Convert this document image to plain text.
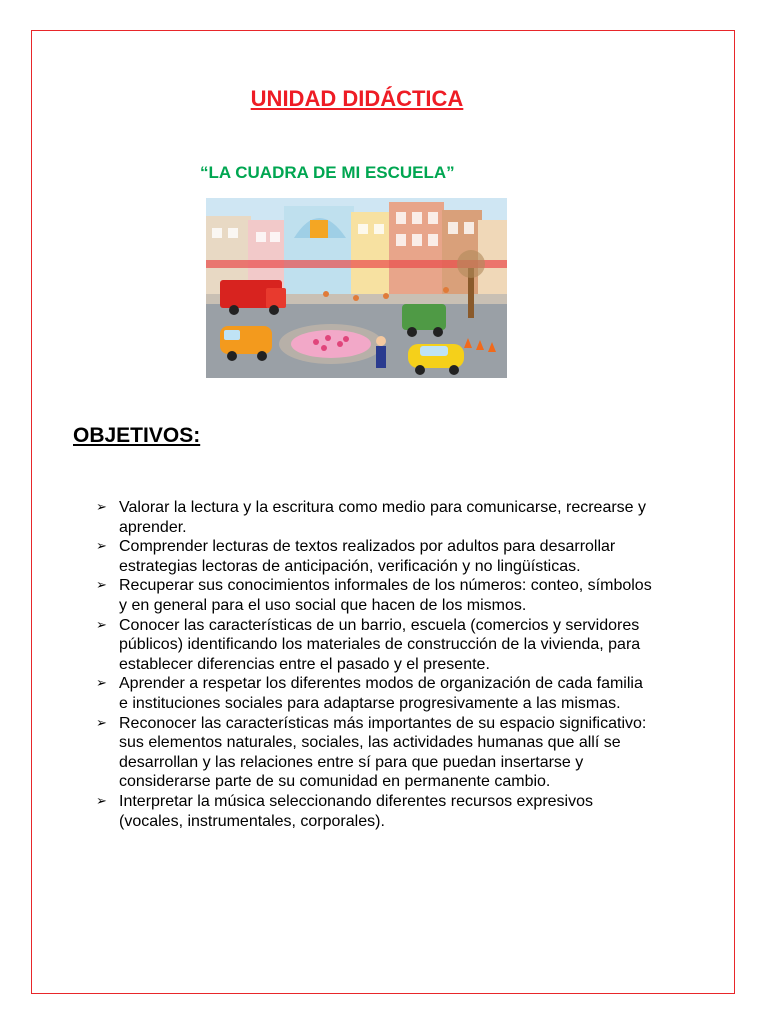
UNIDAD DIDÁCTICA
“LA CUADRA DE MI ESCUELA”
OBJETIVOS:
➢ Valorar la lectura y la escritura como medio para comunicarse, recrearse y aprender.
➢ Comprender lecturas de textos realizados por adultos para desarrollar estrategias lectoras de anticipación, verificación y no lingüísticas.
➢ Recuperar sus conocimientos informales de los números: conteo, símbolos y en general para el uso social que hacen de los mismos.
➢ Conocer las características de un barrio, escuela (comercios y servidores públicos) identificando los materiales de construcción de la vivienda, para establecer diferencias entre el pasado y el presente.
➢ Aprender a respetar los diferentes modos de organización de cada familia e instituciones sociales para adaptarse progresivamente a las mismas.
➢ Reconocer las características más importantes de su espacio significativo: sus elementos naturales, sociales, las actividades humanas que allí se desarrollan y las relaciones entre sí para que puedan insertarse y considerarse parte de su comunidad en permanente cambio.
➢ Interpretar la música seleccionando diferentes recursos expresivos (vocales, instrumentales, corporales).
